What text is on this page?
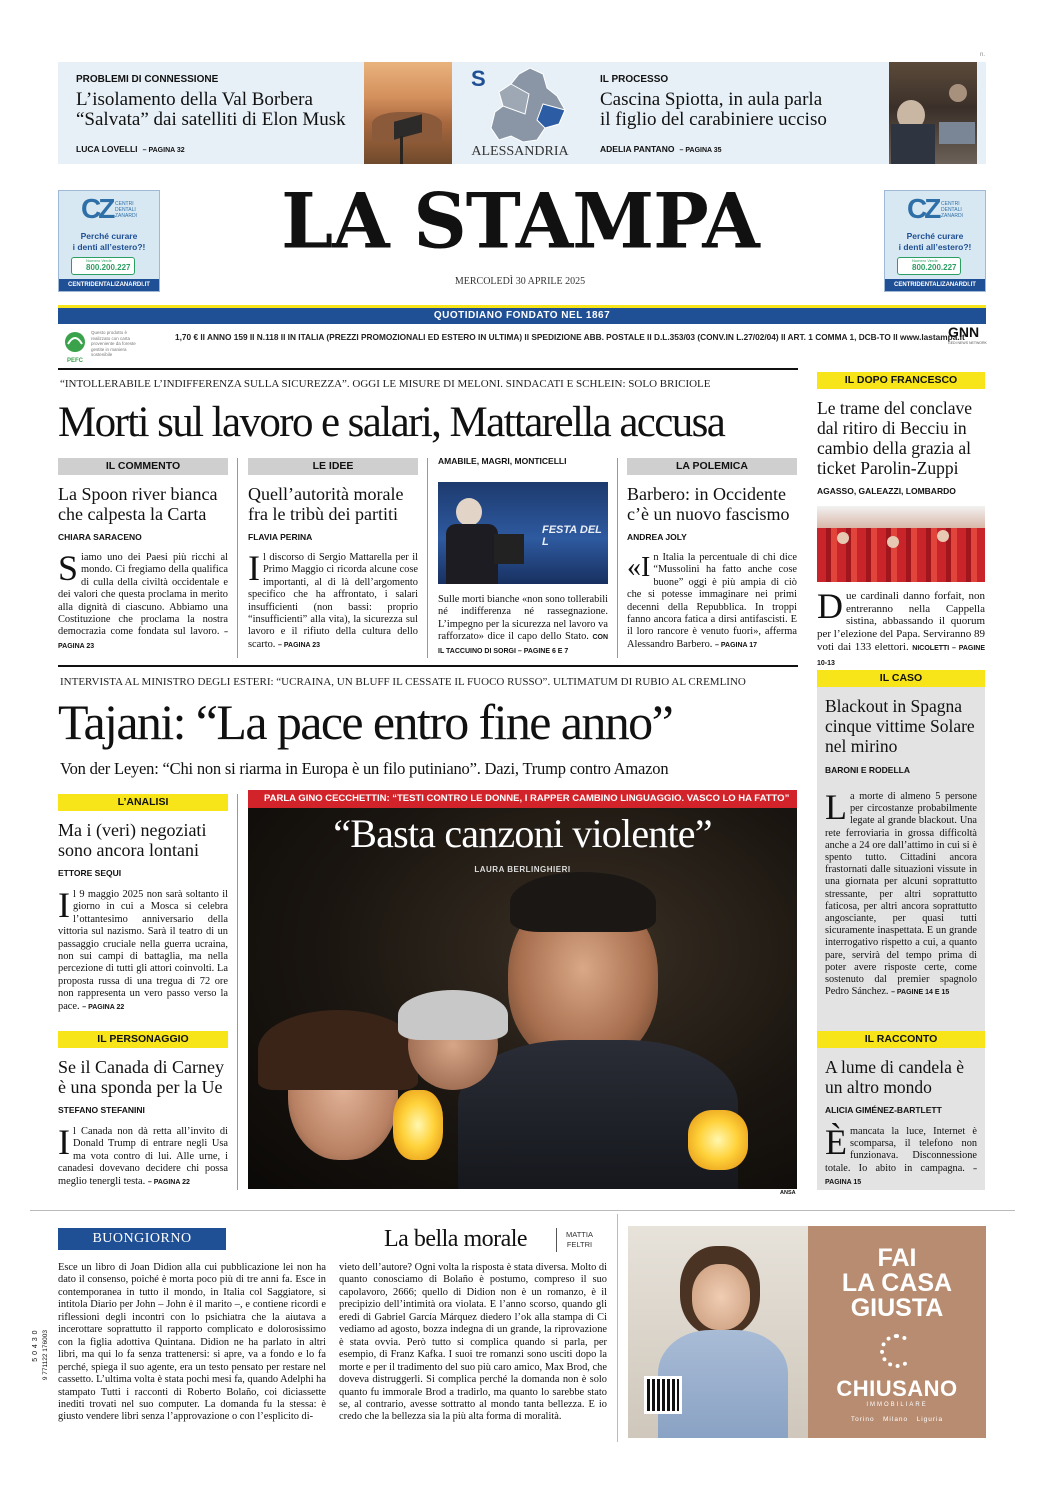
n.
PROBLEMI DI CONNESSIONE
L’isolamento della Val Borbera
“Salvata” dai satelliti di Elon Musk
LUCA LOVELLI – PAGINA 32
S
ALESSANDRIA
IL PROCESSO
Cascina Spiotta, in aula parla
il figlio del carabiniere ucciso
ADELIA PANTANO – PAGINA 35
CZ CENTRI
DENTALI
ZANARDI
Perché curare
i denti all’estero?!
Numero Verde
800.200.227
CENTRIDENTALIZANARDI.IT
CZ CENTRI
DENTALI
ZANARDI
Perché curare
i denti all’estero?!
Numero Verde
800.200.227
CENTRIDENTALIZANARDI.IT
LA STAMPA
MERCOLEDÌ 30 APRILE 2025
QUOTIDIANO FONDATO NEL 1867
PEFC
Questo prodotto è
realizzato con carta
proveniente da foreste
gestite in maniera
sostenibile
1,70 € II ANNO 159 II N.118 II IN ITALIA (PREZZI PROMOZIONALI ED ESTERO IN ULTIMA) II SPEDIZIONE ABB. POSTALE II D.L.353/03 (CONV.IN L.27/02/04) II ART. 1 COMMA 1, DCB-TO II www.lastampa.it
GNN
GEDI NEWS NETWORK
“INTOLLERABILE L’INDIFFERENZA SULLA SICUREZZA”. OGGI LE MISURE DI MELONI. SINDACATI E SCHLEIN: SOLO BRICIOLE
Morti sul lavoro e salari, Mattarella accusa
IL COMMENTO
La Spoon river bianca che calpesta la Carta
CHIARA SARACENO
Siamo uno dei Paesi più ricchi al mondo. Ci fregiamo della qualifica di culla della civiltà occidentale e dei valori che questa proclama in merito alla dignità di ciascuno. Abbiamo una Costituzione che proclama la nostra democrazia come fondata sul lavoro. – PAGINA 23
LE IDEE
Quell’autorità morale fra le tribù dei partiti
FLAVIA PERINA
Il discorso di Sergio Mattarella per il Primo Maggio ci ricorda alcune cose importanti, al di là dell’argomento specifico che ha affrontato, i salari insufficienti (non bassi: proprio “insufficienti” alla vita), la sicurezza sul lavoro e il rifiuto della cultura dello scarto. – PAGINA 23
AMABILE, MAGRI, MONTICELLI
FESTA DEL L
Sulle morti bianche «non sono tollerabili né indifferenza né rassegnazione. L’impegno per la sicurezza nel lavoro va rafforzato» dice il capo dello Stato. CON IL TACCUINO DI SORGI – PAGINE 6 E 7
LA POLEMICA
Barbero: in Occidente c’è un nuovo fascismo
ANDREA JOLY
«In Italia la percentuale di chi dice “Mussolini ha fatto anche cose buone” oggi è più ampia di ciò che si potesse immaginare nei primi decenni della Repubblica. In troppi fanno ancora fatica a dirsi antifascisti. E il loro rancore è venuto fuori», afferma Alessandro Barbero. – PAGINA 17
IL DOPO FRANCESCO
Le trame del conclave dal ritiro di Becciu in cambio della grazia al ticket Parolin-Zuppi
AGASSO, GALEAZZI, LOMBARDO
Due cardinali danno forfait, non entreranno nella Cappella sistina, abbassando il quorum per l’elezione del Papa. Serviranno 89 voti dai 133 elettori. NICOLETTI – PAGINE 10-13
INTERVISTA AL MINISTRO DEGLI ESTERI: “UCRAINA, UN BLUFF IL CESSATE IL FUOCO RUSSO”. ULTIMATUM DI RUBIO AL CREMLINO
Tajani: “La pace entro fine anno”
Von der Leyen: “Chi non si riarma in Europa è un filo putiniano”. Dazi, Trump contro Amazon
L’ANALISI
Ma i (veri) negoziati sono ancora lontani
ETTORE SEQUI
Il 9 maggio 2025 non sarà soltanto il giorno in cui a Mosca si celebra l’ottantesimo anniversario della vittoria sul nazismo. Sarà il teatro di un passaggio cruciale nella guerra ucraina, non sui campi di battaglia, ma nella percezione di tutti gli attori coinvolti. La proposta russa di una tregua di 72 ore non rappresenta un vero passo verso la pace. – PAGINA 22
IL PERSONAGGIO
Se il Canada di Carney è una sponda per la Ue
STEFANO STEFANINI
Il Canada non dà retta all’invito di Donald Trump di entrare negli Usa ma vota contro di lui. Alle urne, i canadesi dovevano decidere chi possa meglio tenergli testa. – PAGINA 22
PARLA GINO CECCHETTIN: “TESTI CONTRO LE DONNE, I RAPPER CAMBINO LINGUAGGIO. VASCO LO HA FATTO”
“Basta canzoni violente”
LAURA BERLINGHIERI
ANSA
IL CASO
Blackout in Spagna cinque vittime Solare nel mirino
BARONI E RODELLA
La morte di almeno 5 persone per circostanze probabilmente legate al grande blackout. Una rete ferroviaria in grossa difficoltà anche a 24 ore dall’attimo in cui si è spento tutto. Cittadini ancora frastornati dalle situazioni vissute in una giornata per alcuni soprattutto stressante, per altri soprattutto faticosa, per altri ancora soprattutto angosciante, per quasi tutti sicuramente inaspettata. E un grande interrogativo rispetto a cui, a quanto pare, servirà del tempo prima di poter avere risposte certe, come sostenuto dal premier spagnolo Pedro Sánchez. – PAGINE 14 E 15
IL RACCONTO
A lume di candela è un altro mondo
ALICIA GIMÉNEZ-BARTLETT
Èmancata la luce, Internet è scomparsa, il telefono non funzionava. Disconnessione totale. Io abito in campagna. – PAGINA 15
5 0 4 3 0 9 771122 176003
BUONGIORNO	La bella morale	MATTIA
FELTRI
Esce un libro di Joan Didion alla cui pubblicazione lei non ha dato il consenso, poiché è morta poco più di tre anni fa. Esce in contemporanea in tutto il mondo, in Italia col Saggiatore, si intitola Diario per John – John è il marito –, e contiene ricordi e riflessioni degli incontri con lo psichiatra che la aiutava a incerottare soprattutto il rapporto complicato e dolorosissimo con la figlia adottiva Quintana. Didion ne ha parlato in altri libri, ma qui lo fa senza trattenersi: si apre, va a fondo e lo fa perché, spiega il suo agente, era un testo pensato per restare nel cassetto. L’ultima volta è stata pochi mesi fa, quando Adelphi ha stampato Tutti i racconti di Roberto Bolaño, coi diciassette inediti trovati nel suo computer. La domanda fu la stessa: è giusto vendere libri senza l’approvazione o con l’esplicito di-
vieto dell’autore? Ogni volta la risposta è stata diversa. Molto di quanto conosciamo di Bolaño è postumo, compreso il suo capolavoro, 2666; quello di Didion non è un romanzo, è il precipizio dell’intimità ora violata. E l’anno scorso, quando gli eredi di Gabriel García Márquez diedero l’ok alla stampa di Ci vediamo ad agosto, bozza indegna di un grande, la riprovazione è stata ovvia. Però tutto si complica quando si parla, per esempio, di Franz Kafka. I suoi tre romanzi sono usciti dopo la morte e per il tradimento del suo più caro amico, Max Brod, che doveva distruggerli. Si complica perché la domanda non è solo quanto fu immorale Brod a tradirlo, ma quanto lo sarebbe stato se, al contrario, avesse sottratto al mondo tanta bellezza. E io credo che la bellezza sia la più alta forma di moralità.
FAI
LA CASA
GIUSTA
CHIUSANO
IMMOBILIARE
Torino   Milano   Liguria
